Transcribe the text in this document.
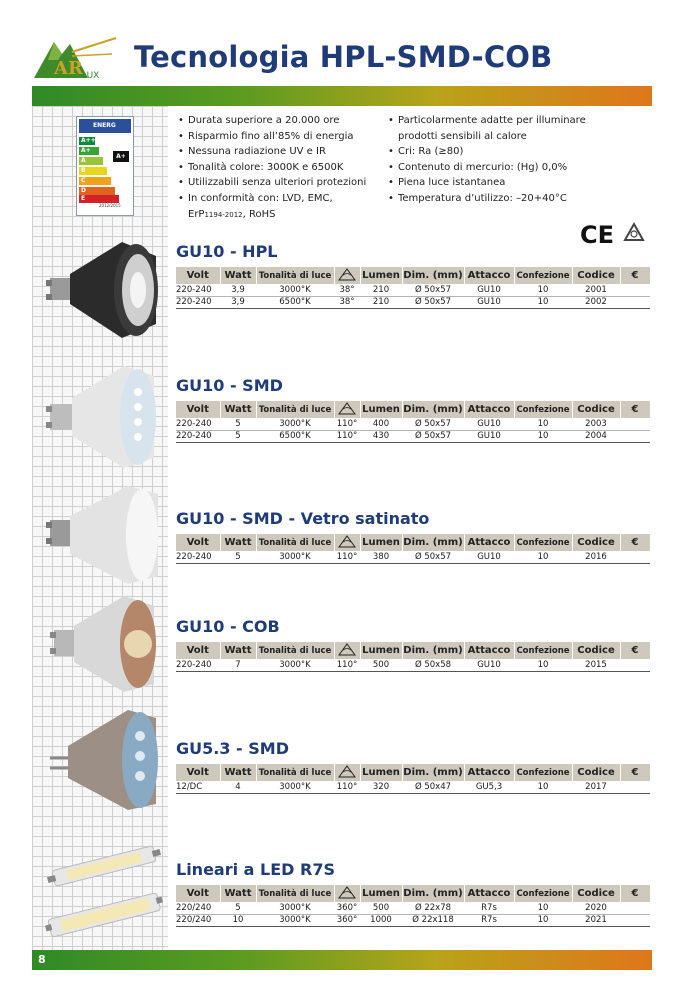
AR LUX
Tecnologia HPL-SMD-COB
ENERG
A++
A+
A
B
C
D
E
A+
2012/2015
• Durata superiore a 20.000 ore
• Risparmio fino all’85% di energia
• Nessuna radiazione UV e IR
• Tonalità colore: 3000K e 6500K
• Utilizzabili senza ulteriori protezioni
• In conformità con: LVD, EMC,
ErP1194-2012, RoHS
• Particolarmente adatte per illuminare prodotti sensibili al calore
• Cri: Ra (≥80)
• Contenuto di mercurio: (Hg) 0,0%
• Piena luce istantanea
• Temperatura d’utilizzo: –20+40°C
CE
GU10 - HPL
Volt	Watt	Tonalità di luce		Lumen	Dim. (mm)	Attacco	Confezione	Codice	€
220-240	3,9	3000°K	38°	210	Ø 50x57	GU10	10	2001	
220-240	3,9	6500°K	38°	210	Ø 50x57	GU10	10	2002	
GU10 - SMD
Volt	Watt	Tonalità di luce		Lumen	Dim. (mm)	Attacco	Confezione	Codice	€
220-240	5	3000°K	110°	400	Ø 50x57	GU10	10	2003	
220-240	5	6500°K	110°	430	Ø 50x57	GU10	10	2004	
GU10 - SMD - Vetro satinato
Volt	Watt	Tonalità di luce		Lumen	Dim. (mm)	Attacco	Confezione	Codice	€
220-240	5	3000°K	110°	380	Ø 50x57	GU10	10	2016	
GU10 - COB
Volt	Watt	Tonalità di luce		Lumen	Dim. (mm)	Attacco	Confezione	Codice	€
220-240	7	3000°K	110°	500	Ø 50x58	GU10	10	2015	
GU5.3 - SMD
Volt	Watt	Tonalità di luce		Lumen	Dim. (mm)	Attacco	Confezione	Codice	€
12/DC	4	3000°K	110°	320	Ø 50x47	GU5,3	10	2017	
Lineari a LED R7S
Volt	Watt	Tonalità di luce		Lumen	Dim. (mm)	Attacco	Confezione	Codice	€
220/240	5	3000°K	360°	500	Ø 22x78	R7s	10	2020	
220/240	10	3000°K	360°	1000	Ø 22x118	R7s	10	2021	
8
